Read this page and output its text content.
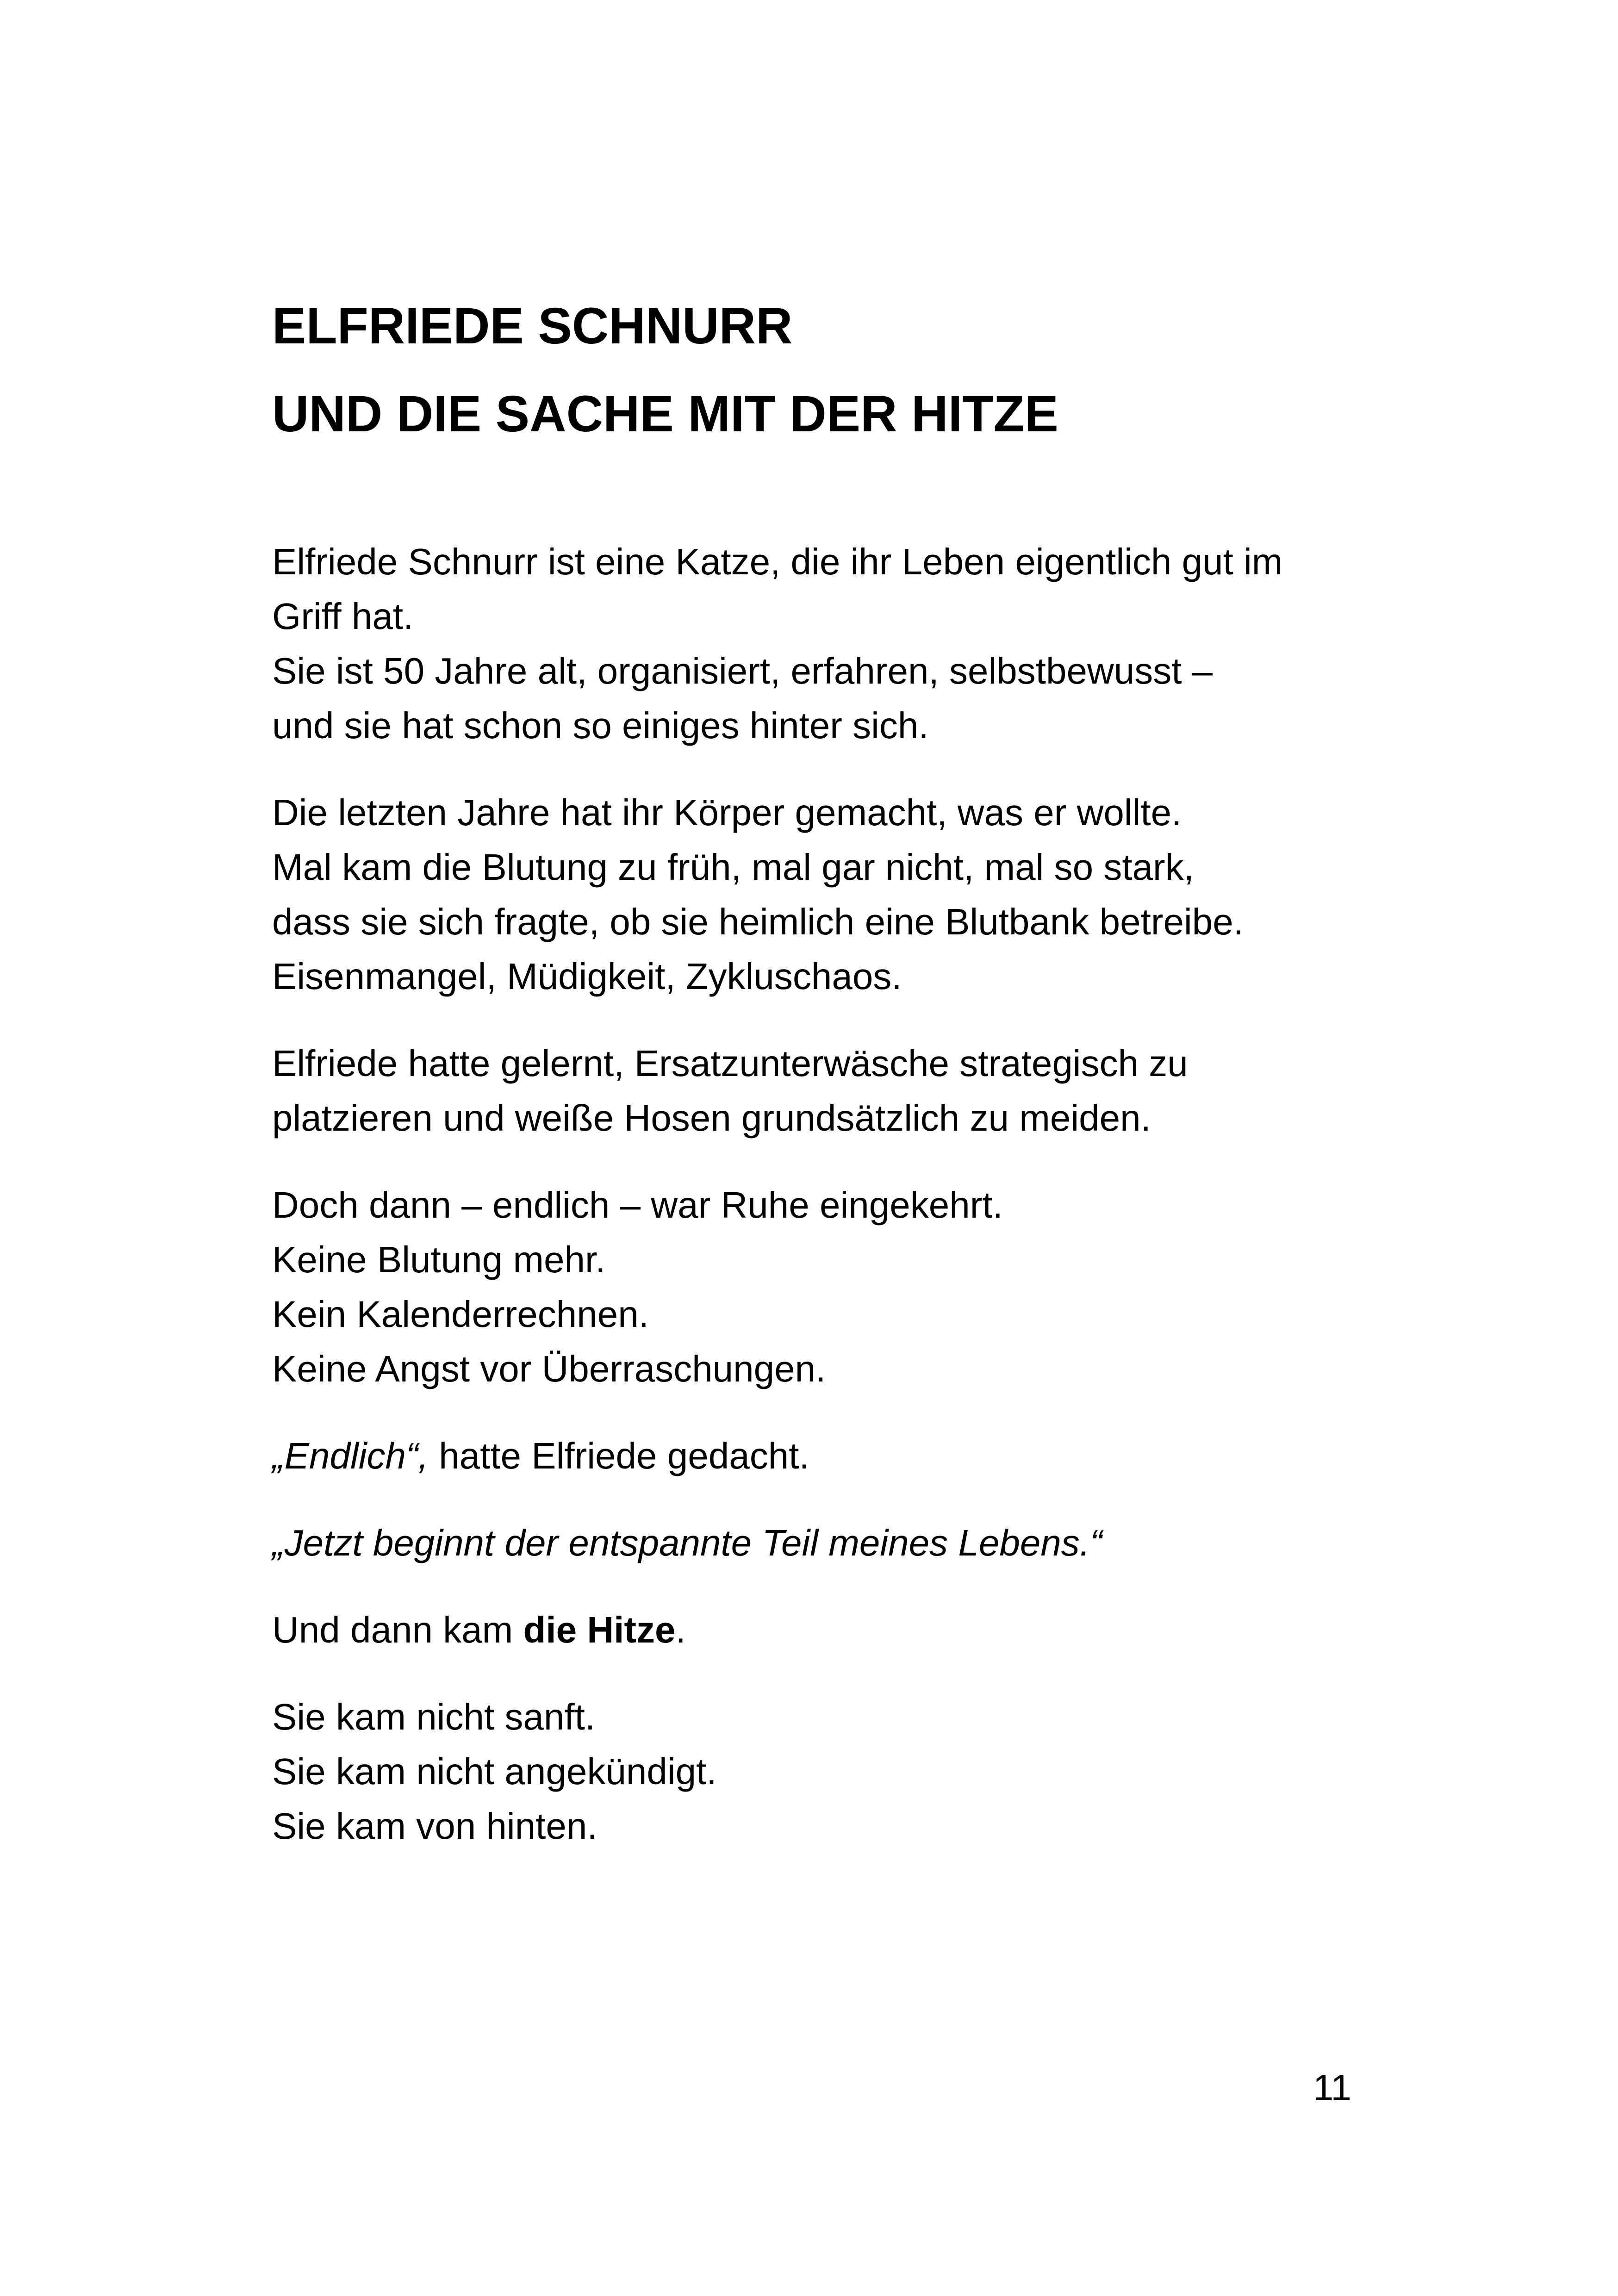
ELFRIEDE SCHNURR
UND DIE SACHE MIT DER HITZE

Elfriede Schnurr ist eine Katze, die ihr Leben eigentlich gut im
Griff hat.
Sie ist 50 Jahre alt, organisiert, erfahren, selbstbewusst –
und sie hat schon so einiges hinter sich.

Die letzten Jahre hat ihr Körper gemacht, was er wollte.
Mal kam die Blutung zu früh, mal gar nicht, mal so stark,
dass sie sich fragte, ob sie heimlich eine Blutbank betreibe.
Eisenmangel, Müdigkeit, Zykluschaos.

Elfriede hatte gelernt, Ersatzunterwäsche strategisch zu
platzieren und weiße Hosen grundsätzlich zu meiden.

Doch dann – endlich – war Ruhe eingekehrt.
Keine Blutung mehr.
Kein Kalenderrechnen.
Keine Angst vor Überraschungen.

„Endlich“, hatte Elfriede gedacht.

„Jetzt beginnt der entspannte Teil meines Lebens.“

Und dann kam die Hitze.

Sie kam nicht sanft.
Sie kam nicht angekündigt.
Sie kam von hinten.

11
